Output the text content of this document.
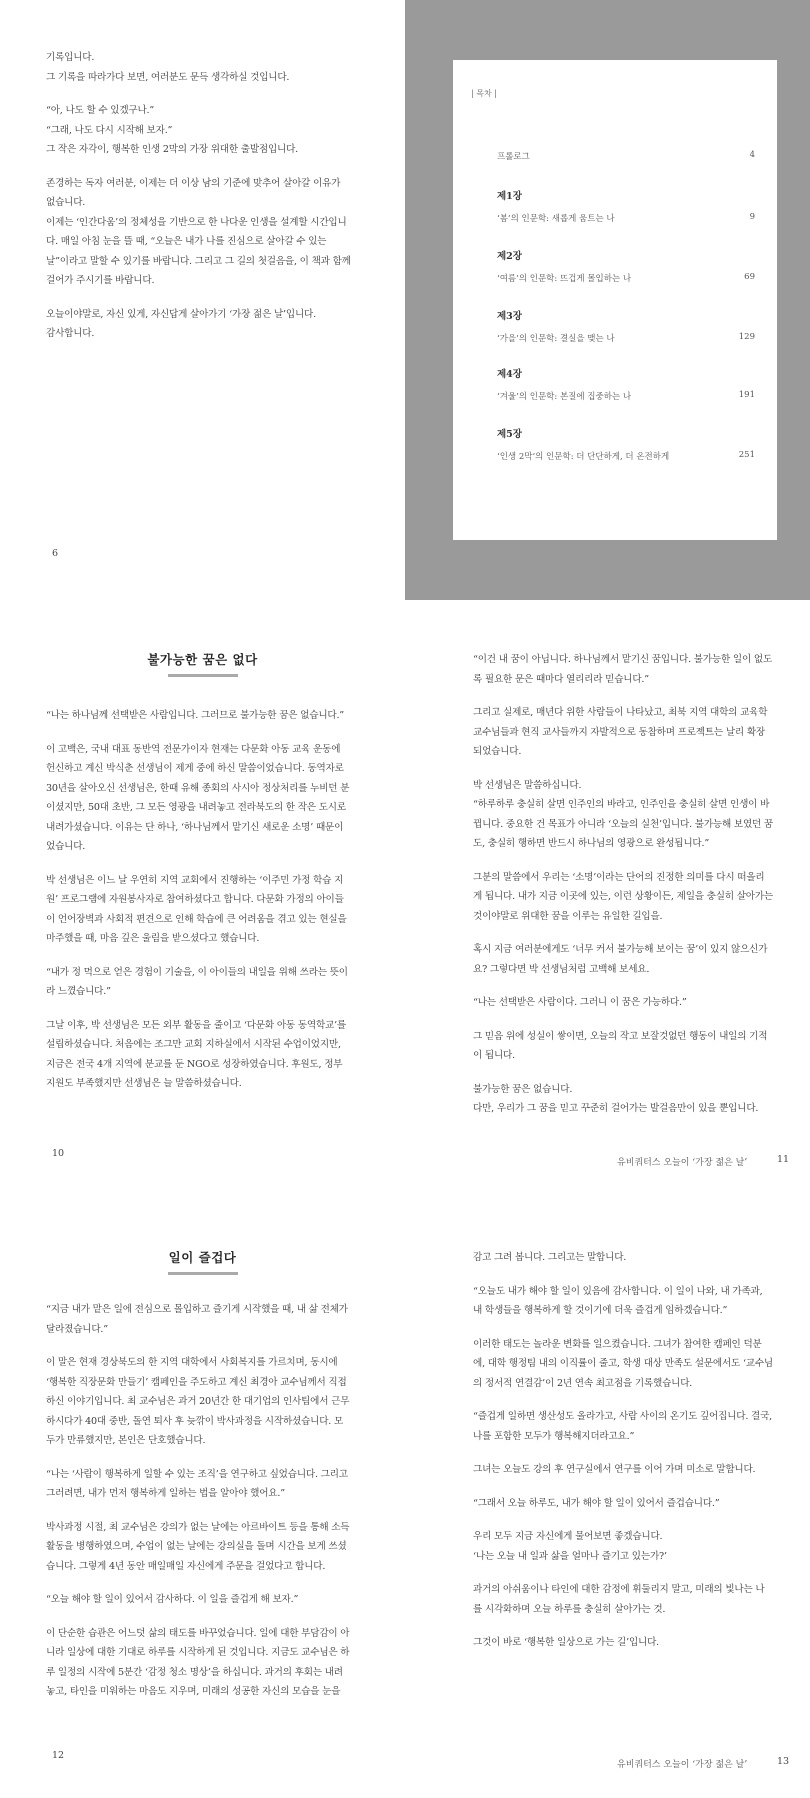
기록입니다.
그 기록을 따라가다 보면, 여러분도 문득 생각하실 것입니다.

“아, 나도 할 수 있겠구나.”
“그래, 나도 다시 시작해 보자.”
그 작은 자각이, 행복한 인생 2막의 가장 위대한 출발점입니다.

존경하는 독자 여러분, 이제는 더 이상 남의 기준에 맞추어 살아갈 이유가 없습니다.
이제는 ‘인간다움’의 정체성을 기반으로 한 나다운 인생을 설계할 시간입니다. 매일 아침 눈을 뜰 때, “오늘은 내가 나를 진심으로 살아갈 수 있는 날”이라고 말할 수 있기를 바랍니다. 그리고 그 길의 첫걸음을, 이 책과 함께 걸어가 주시기를 바랍니다.

오늘이야말로, 자신 있게, 자신답게 살아가기 ‘가장 젊은 날’입니다.
감사합니다.

6
| 목차 |
프롤로그	4
제1장
‘봄’의 인문학: 새롭게 움트는 나	9
제2장
‘여름’의 인문학: 뜨겁게 몰입하는 나	69
제3장
‘가을’의 인문학: 결실을 맺는 나	129
제4장
‘겨울’의 인문학: 본질에 집중하는 나	191
제5장
‘인생 2막’의 인문학: 더 단단하게, 더 온전하게	251
불가능한 꿈은 없다

“나는 하나님께 선택받은 사람입니다. 그러므로 불가능한 꿈은 없습니다.”

이 고백은, 국내 대표 동반역 전문가이자 현재는 다문화 아동 교육 운동에 헌신하고 계신 박식춘 선생님이 제게 중에 하신 말씀이었습니다. 동역자로 30년을 살아오신 선생님은, 한때 유해 종회의 사시아 정상처리를 누비던 분이셨지만, 50대 초반, 그 모든 영광을 내려놓고 전라북도의 한 작은 도시로 내려가셨습니다. 이유는 단 하나, ‘하나님께서 맡기신 새로운 소명’ 때문이었습니다.

박 선생님은 이느 날 우연히 지역 교회에서 진행하는 ‘이주민 가정 학습 지원’ 프로그램에 자원봉사자로 참여하셨다고 합니다. 다문화 가정의 아이들이 언어장벽과 사회적 편견으로 인해 학습에 큰 어려움을 겪고 있는 현실을 마주했을 때, 마음 깊은 울림을 받으셨다고 했습니다.

“내가 정 먹으로 얻은 경험이 기술을, 이 아이들의 내일을 위해 쓰라는 뜻이라 느꼈습니다.”

그날 이후, 박 선생님은 모든 외부 활동을 줄이고 ‘다문화 아동 동역학교’를 설립하셨습니다. 처음에는 조그만 교회 지하실에서 시작된 수업이었지만, 지금은 전국 4개 지역에 분교를 둔 NGO로 성장하였습니다. 후원도, 정부 지원도 부족했지만 선생님은 늘 말씀하셨습니다.

10

“이건 내 꿈이 아닙니다. 하나님께서 맡기신 꿈입니다. 불가능한 일이 없도록 필요한 문은 때마다 열리리라 믿습니다.”

그리고 실제로, 매년다 위한 사람들이 나타났고, 최북 지역 대학의 교육학 교수님들과 현직 교사들까지 자발적으로 동참하며 프로젝트는 날리 확장되었습니다.

박 선생님은 말씀하십니다.
“하루하루 충실히 살면 인주인의 바라고, 인주인을 충실히 살면 인생이 바뀝니다. 중요한 건 목표가 아니라 ‘오늘의 실천’입니다. 불가능해 보였던 꿈도, 충실히 행하면 반드시 하나님의 영광으로 완성됩니다.”

그분의 말씀에서 우리는 ‘소명’이라는 단어의 진정한 의미를 다시 떠올리게 됩니다. 내가 지금 이곳에 있는, 이런 상황이든, 제일을 충실히 살아가는 것이야말로 위대한 꿈을 이루는 유일한 길입을.

혹시 지금 여러분에게도 ‘너무 커서 불가능해 보이는 꿈’이 있지 않으신가요? 그렇다면 박 선생님처럼 고백해 보세요.

“나는 선택받은 사람이다. 그러니 이 꿈은 가능하다.”

그 믿음 위에 성실이 쌓이면, 오늘의 작고 보잘것없던 행동이 내일의 기적이 됩니다.

불가능한 꿈은 없습니다.
다만, 우리가 그 꿈을 믿고 꾸준히 걸어가는 발걸음만이 있을 뿐입니다.

유비쿼터스 오늘이 ‘가장 젊은 날’	11
일이 즐겁다

“지금 내가 맡은 일에 전심으로 몰입하고 즐기게 시작했을 때, 내 삶 전체가 달라졌습니다.”

이 말은 현재 경상북도의 한 지역 대학에서 사회복지를 가르치며, 동시에 ‘행복한 직장문화 만들기’ 캠페인을 주도하고 계신 최경아 교수님께서 직접 하신 이야기입니다. 최 교수님은 과거 20년간 한 대기업의 인사팀에서 근무하시다가 40대 중반, 돌연 퇴사 후 늦깎이 박사과정을 시작하셨습니다. 모두가 만류했지만, 본인은 단호했습니다.

“나는 ‘사람이 행복하게 일할 수 있는 조직’을 연구하고 싶었습니다. 그리고 그러려면, 내가 먼저 행복하게 일하는 법을 알아야 했어요.”

박사과정 시절, 최 교수님은 강의가 없는 날에는 아르바이트 등을 통해 소득 활동을 병행하였으며, 수업이 없는 날에는 강의실을 돌며 시간을 보게 쓰셨습니다. 그렇게 4년 동안 매일매일 자신에게 주문을 걸었다고 합니다.

“오늘 해야 할 일이 있어서 감사하다. 이 일을 즐겁게 해 보자.”

이 단순한 습관은 어느덧 삶의 태도를 바꾸었습니다. 일에 대한 부담감이 아니라 일상에 대한 기대로 하루를 시작하게 된 것입니다. 지금도 교수님은 하루 일정의 시작에 5분간 ‘감정 청소 명상’을 하십니다. 과거의 후회는 내려놓고, 타인을 미워하는 마음도 지우며, 미래의 성공한 자신의 모습을 눈을

12

감고 그려 봅니다. 그리고는 말합니다.

“오늘도 내가 해야 할 일이 있음에 감사합니다. 이 일이 나와, 내 가족과, 내 학생들을 행복하게 할 것이기에 더욱 즐겁게 임하겠습니다.”

이러한 태도는 놀라운 변화를 일으켰습니다. 그녀가 참여한 캠페인 덕분에, 대학 행정팀 내의 이직률이 줄고, 학생 대상 만족도 설문에서도 ‘교수님의 정서적 연결감’이 2년 연속 최고점을 기록했습니다.

“즐겁게 일하면 생산성도 올라가고, 사람 사이의 온기도 깊어집니다. 결국, 나를 포함한 모두가 행복해지더라고요.”

그녀는 오늘도 강의 후 연구실에서 연구를 이어 가며 미소로 말합니다.

“그래서 오늘 하루도, 내가 해야 할 일이 있어서 즐겁습니다.”

우리 모두 지금 자신에게 물어보면 좋겠습니다.
‘나는 오늘 내 일과 삶을 얼마나 즐기고 있는가?’

과거의 아쉬움이나 타인에 대한 감정에 휘둘리지 말고, 미래의 빛나는 나를 시각화하며 오늘 하루를 충실히 살아가는 것.

그것이 바로 ‘행복한 일상으로 가는 길’입니다.

유비쿼터스 오늘이 ‘가장 젊은 날’	13
